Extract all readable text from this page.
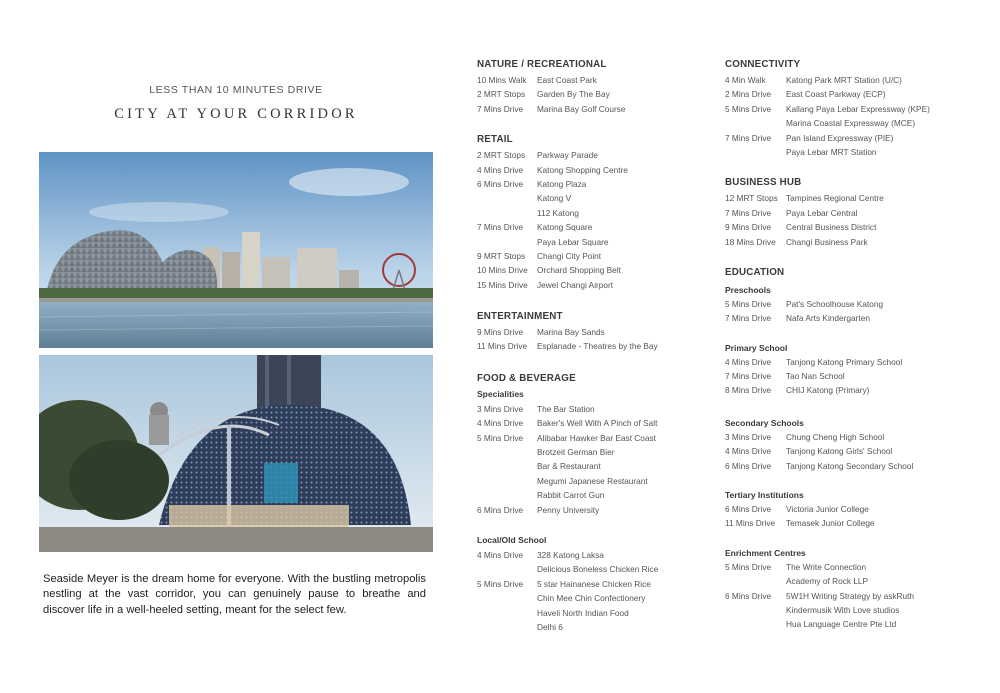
LESS THAN 10 MINUTES DRIVE
CITY AT YOUR CORRIDOR
Seaside Meyer is the dream home for everyone. With the bustling metropolis nestling at the vast corridor, you can genuinely pause to breathe and discover life in a well-heeled setting, meant for the select few.
NATURE / RECREATIONAL
10 Mins Walk	East Coast Park
2 MRT Stops	Garden By The Bay
7 Mins Drive	Marina Bay Golf Course
RETAIL
2 MRT Stops	Parkway Parade
4 Mins Drive	Katong Shopping Centre
6 Mins Drive	Katong Plaza
Katong V
112 Katong
7 Mins Drive	Katong Square
Paya Lebar Square
9 MRT Stops	Changi City Point
10 Mins Drive	Orchard Shopping Belt
15 Mins Drive	Jewel Changi Airport
ENTERTAINMENT
9 Mins Drive	Marina Bay Sands
11 Mins Drive	Esplanade - Theatres by the Bay
FOOD & BEVERAGE
Specialities
3 Mins Drive	The Bar Station
4 Mins Drive	Baker's Well With A Pinch of Salt
5 Mins Drive	Alibabar Hawker Bar East Coast
Brotzeit German Bier
Bar & Restaurant
Megumi Japanese Restaurant
Rabbit Carrot Gun
6 Mins Drive	Penny University
Local/Old School
4 Mins Drive	328 Katong Laksa
Delicious Boneless Chicken Rice
5 Mins Drive	5 star Hainanese Chicken Rice
Chin Mee Chin Confectionery
Haveli North Indian Food
Delhi 6
CONNECTIVITY
4 Min Walk	Katong Park MRT Station (U/C)
2 Mins Drive	East Coast Parkway (ECP)
5 Mins Drive	Kallang Paya Lebar Expressway (KPE)
Marina Coastal Expressway (MCE)
7 Mins Drive	Pan Island Expressway (PIE)
Paya Lebar MRT Station
BUSINESS HUB
12 MRT Stops Tampines Regional Centre
7 Mins Drive	Paya Lebar Central
9 Mins Drive	Central Business District
18 Mins Drive	Changi Business Park
EDUCATION
Preschools
5 Mins Drive	Pat's Schoolhouse Katong
7 Mins Drive	Nafa Arts Kindergarten
Primary School
4 Mins Drive	Tanjong Katong Primary School
7 Mins Drive	Tao Nan School
8 Mins Drive	CHIJ Katong (Primary)
Secondary Schools
3 Mins Drive	Chung Cheng High School
4 Mins Drive	Tanjong Katong Girls' School
6 Mins Drive	Tanjong Katong Secondary School
Tertiary Institutions
6 Mins Drive	Victoria Junior College
11 Mins Drive	Temasek Junior College
Enrichment Centres
5 Mins Drive	The Write Connection
Academy of Rock LLP
6 Mins Drive	5W1H Writing Strategy by askRuth
Kindermusik With Love studios
Hua Language Centre Pte Ltd
